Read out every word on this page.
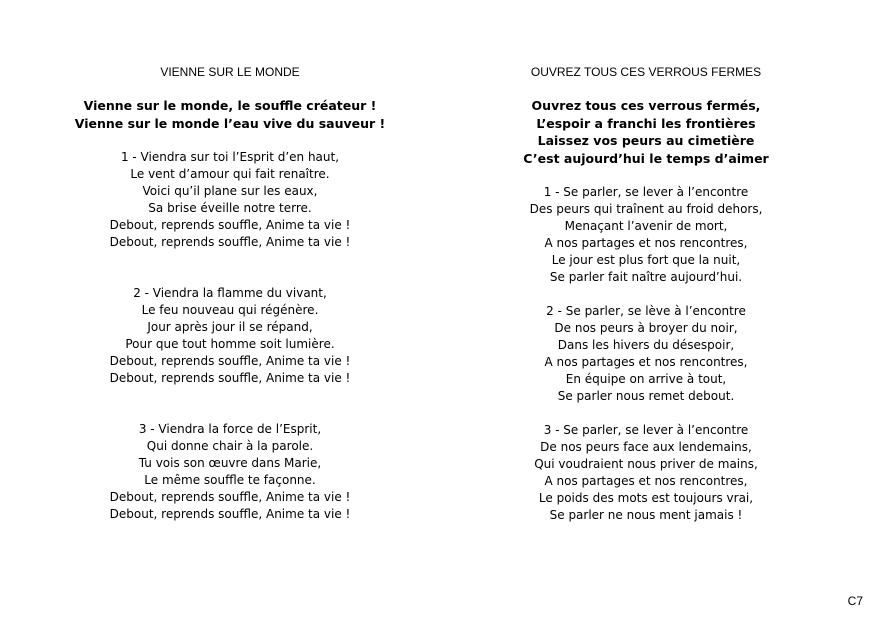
VIENNE SUR LE MONDE
Vienne sur le monde, le souffle créateur !
Vienne sur le monde l’eau vive du sauveur !
1 - Viendra sur toi l’Esprit d’en haut,
Le vent d’amour qui fait renaître.
Voici qu’il plane sur les eaux,
Sa brise éveille notre terre.
Debout, reprends souffle, Anime ta vie !
Debout, reprends souffle, Anime ta vie !
2 - Viendra la flamme du vivant,
Le feu nouveau qui régénère.
Jour après jour il se répand,
Pour que tout homme soit lumière.
Debout, reprends souffle, Anime ta vie !
Debout, reprends souffle, Anime ta vie !
3 - Viendra la force de l’Esprit,
Qui donne chair à la parole.
Tu vois son œuvre dans Marie,
Le même souffle te façonne.
Debout, reprends souffle, Anime ta vie !
Debout, reprends souffle, Anime ta vie !
OUVREZ TOUS CES VERROUS FERMES
Ouvrez tous ces verrous fermés,
L’espoir a franchi les frontières
Laissez vos peurs au cimetière
C’est aujourd’hui le temps d’aimer
1 - Se parler, se lever à l’encontre
Des peurs qui traînent au froid dehors,
Menaçant l’avenir de mort,
A nos partages et nos rencontres,
Le jour est plus fort que la nuit,
Se parler fait naître aujourd’hui.
2 - Se parler, se lève à l’encontre
De nos peurs à broyer du noir,
Dans les hivers du désespoir,
A nos partages et nos rencontres,
En équipe on arrive à tout,
Se parler nous remet debout.
3 - Se parler, se lever à l’encontre
De nos peurs face aux lendemains,
Qui voudraient nous priver de mains,
A nos partages et nos rencontres,
Le poids des mots est toujours vrai,
Se parler ne nous ment jamais !
C7
